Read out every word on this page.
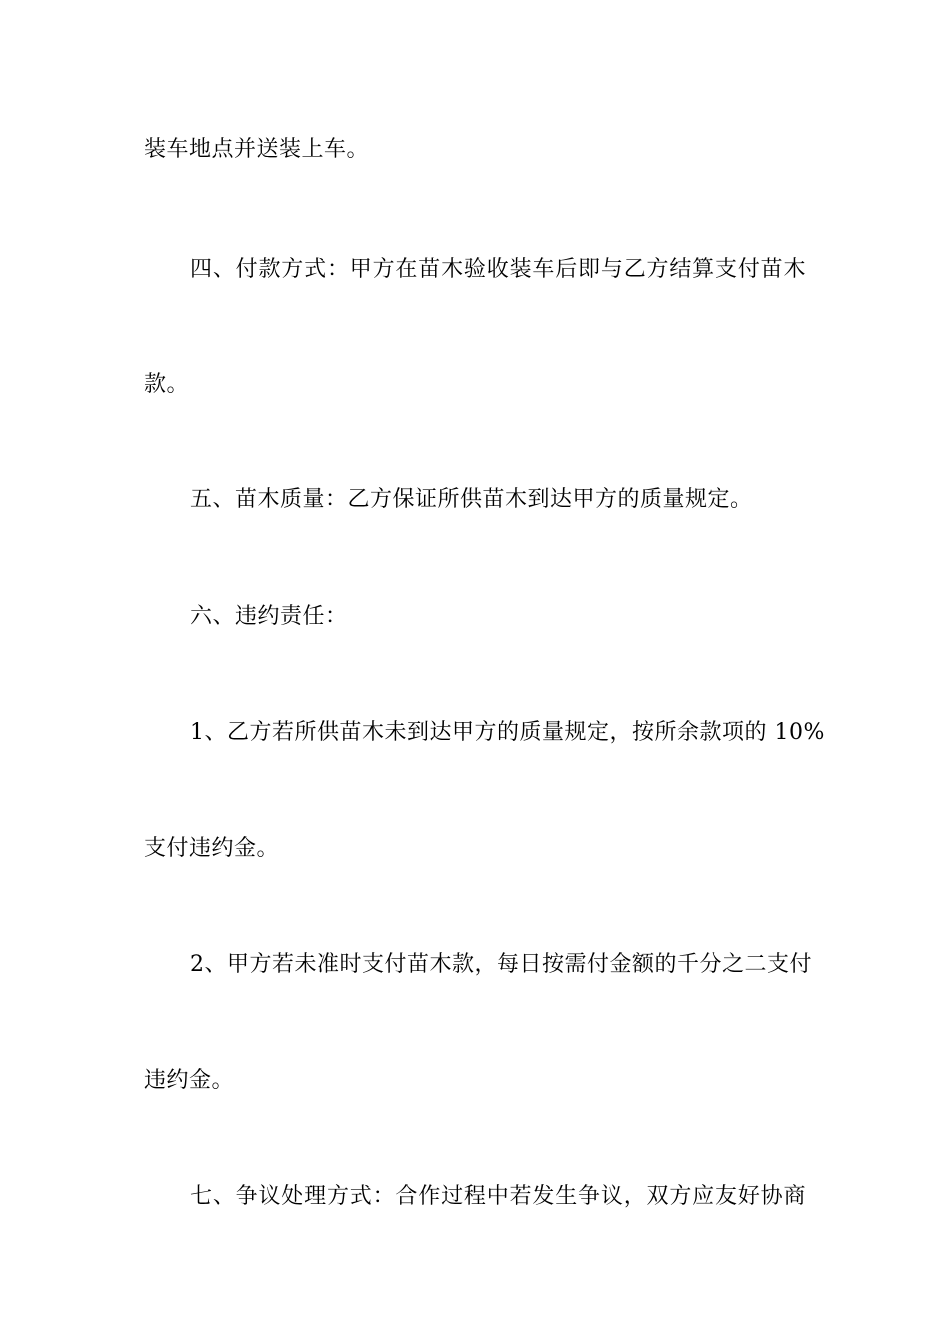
装车地点并送装上车。
四、付款方式：甲方在苗木验收装车后即与乙方结算支付苗木
款。
五、苗木质量：乙方保证所供苗木到达甲方的质量规定。
六、违约责任：
1、乙方若所供苗木未到达甲方的质量规定，按所余款项的 10%
支付违约金。
2、甲方若未准时支付苗木款，每日按需付金额的千分之二支付
违约金。
七、争议处理方式：合作过程中若发生争议，双方应友好协商
